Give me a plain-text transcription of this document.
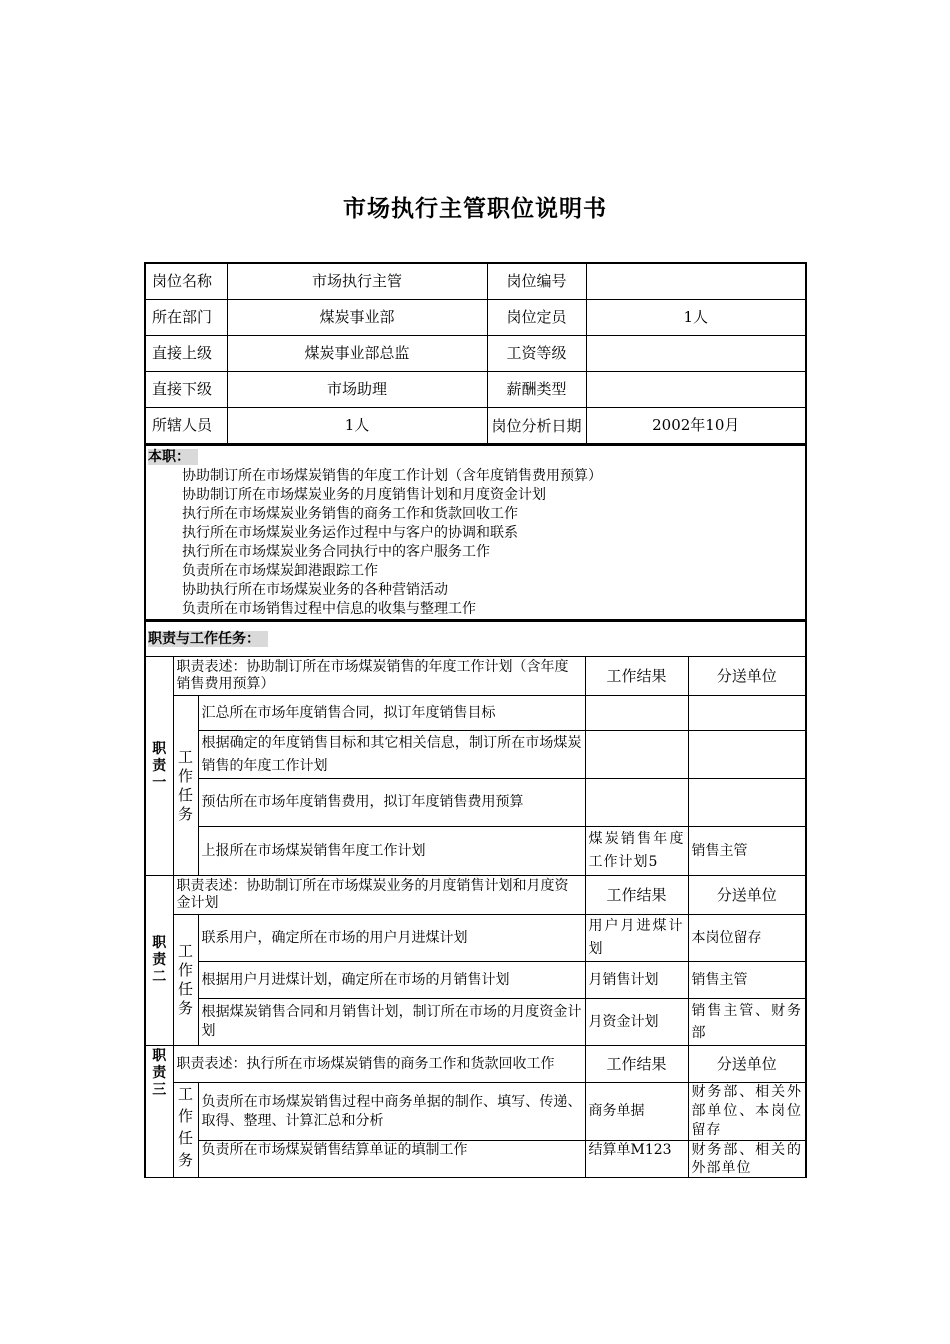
市场执行主管职位说明书
岗位名称	市场执行主管	岗位编号	
所在部门	煤炭事业部	岗位定员	1人
直接上级	煤炭事业部总监	工资等级	
直接下级	市场助理	薪酬类型	
所辖人员	1人	岗位分析日期	2002年10月
本职：
协助制订所在市场煤炭销售的年度工作计划（含年度销售费用预算）
协助制订所在市场煤炭业务的月度销售计划和月度资金计划
执行所在市场煤炭业务销售的商务工作和货款回收工作
执行所在市场煤炭业务运作过程中与客户的协调和联系
执行所在市场煤炭业务合同执行中的客户服务工作
负责所在市场煤炭卸港跟踪工作
协助执行所在市场煤炭业务的各种营销活动
负责所在市场销售过程中信息的收集与整理工作
职责与工作任务：				

职责一	职责表述：协助制订所在市场煤炭销售的年度工作计划（含年度销售费用预算）		工作结果	分送单位

	工作任务	汇总所在市场年度销售合同，拟订年度销售目标		
		根据确定的年度销售目标和其它相关信息，制订所在市场煤炭销售的年度工作计划		
		预估所在市场年度销售费用，拟订年度销售费用预算		
		上报所在市场煤炭销售年度工作计划	煤炭销售年度工作计划5	销售主管

职责二	职责表述：协助制订所在市场煤炭业务的月度销售计划和月度资金计划		工作结果	分送单位

	工作任务	联系用户，确定所在市场的用户月进煤计划	用户月进煤计划	本岗位留存
		根据用户月进煤计划，确定所在市场的月销售计划	月销售计划	销售主管
		根据煤炭销售合同和月销售计划，制订所在市场的月度资金计划	月资金计划	销售主管、财务部

职责三	职责表述：执行所在市场煤炭销售的商务工作和货款回收工作		工作结果	分送单位

	工作任务	负责所在市场煤炭销售过程中商务单据的制作、填写、传递、取得、整理、计算汇总和分析	商务单据	财务部、相关外部单位、本岗位留存
		负责所在市场煤炭销售结算单证的填制工作	结算单M123	财务部、相关的外部单位
